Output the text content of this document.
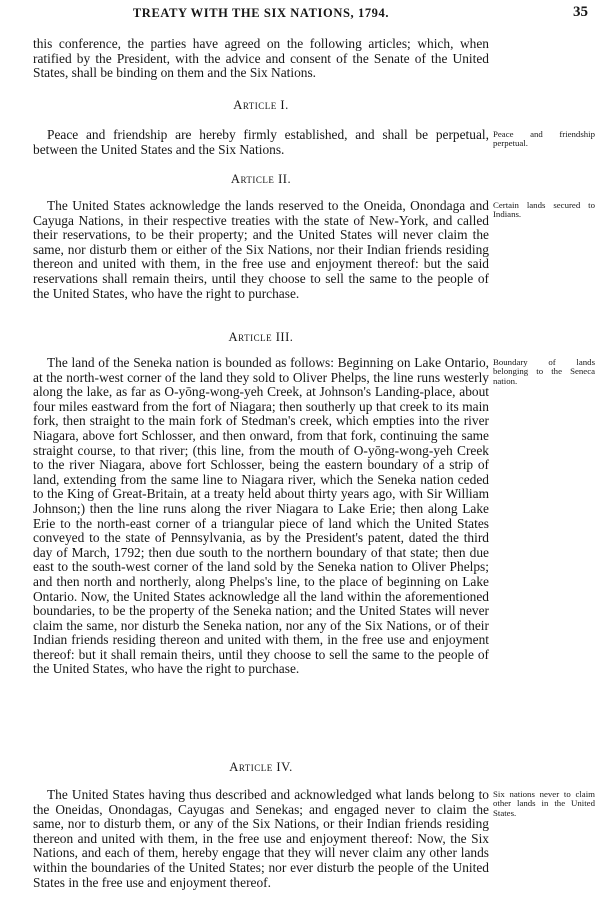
TREATY WITH THE SIX NATIONS, 1794.	35

this conference, the parties have agreed on the following articles; which, when ratified by the President, with the advice and consent of the Senate of the United States, shall be binding on them and the Six Nations.

Article I.

Peace and friendship are hereby firmly established, and shall be perpetual, between the United States and the Six Nations.

Peace and friendship perpetual.
Article II.

The United States acknowledge the lands reserved to the Oneida, Onondaga and Cayuga Nations, in their respective treaties with the state of New-York, and called their reservations, to be their property; and the United States will never claim the same, nor disturb them or either of the Six Nations, nor their Indian friends residing thereon and united with them, in the free use and enjoyment thereof: but the said reservations shall remain theirs, until they choose to sell the same to the people of the United States, who have the right to purchase.

Certain lands secured to Indians.
Article III.

The land of the Seneka nation is bounded as follows: Beginning on Lake Ontario, at the north-west corner of the land they sold to Oliver Phelps, the line runs westerly along the lake, as far as O-yōng-wong-yeh Creek, at Johnson's Landing-place, about four miles eastward from the fort of Niagara; then southerly up that creek to its main fork, then straight to the main fork of Stedman's creek, which empties into the river Niagara, above fort Schlosser, and then onward, from that fork, continuing the same straight course, to that river; (this line, from the mouth of O-yōng-wong-yeh Creek to the river Niagara, above fort Schlosser, being the eastern boundary of a strip of land, extending from the same line to Niagara river, which the Seneka nation ceded to the King of Great-Britain, at a treaty held about thirty years ago, with Sir William Johnson;) then the line runs along the river Niagara to Lake Erie; then along Lake Erie to the north-east corner of a triangular piece of land which the United States conveyed to the state of Pennsylvania, as by the President's patent, dated the third day of March, 1792; then due south to the northern boundary of that state; then due east to the south-west corner of the land sold by the Seneka nation to Oliver Phelps; and then north and northerly, along Phelps's line, to the place of beginning on Lake Ontario. Now, the United States acknowledge all the land within the aforementioned boundaries, to be the property of the Seneka nation; and the United States will never claim the same, nor disturb the Seneka nation, nor any of the Six Nations, or of their Indian friends residing thereon and united with them, in the free use and enjoyment thereof: but it shall remain theirs, until they choose to sell the same to the people of the United States, who have the right to purchase.

Boundary of lands belonging to the Seneca nation.
Article IV.

The United States having thus described and acknowledged what lands belong to the Oneidas, Onondagas, Cayugas and Senekas; and engaged never to claim the same, nor to disturb them, or any of the Six Nations, or their Indian friends residing thereon and united with them, in the free use and enjoyment thereof: Now, the Six Nations, and each of them, hereby engage that they will never claim any other lands within the boundaries of the United States; nor ever disturb the people of the United States in the free use and enjoyment thereof.

Six nations never to claim other lands in the United States.
